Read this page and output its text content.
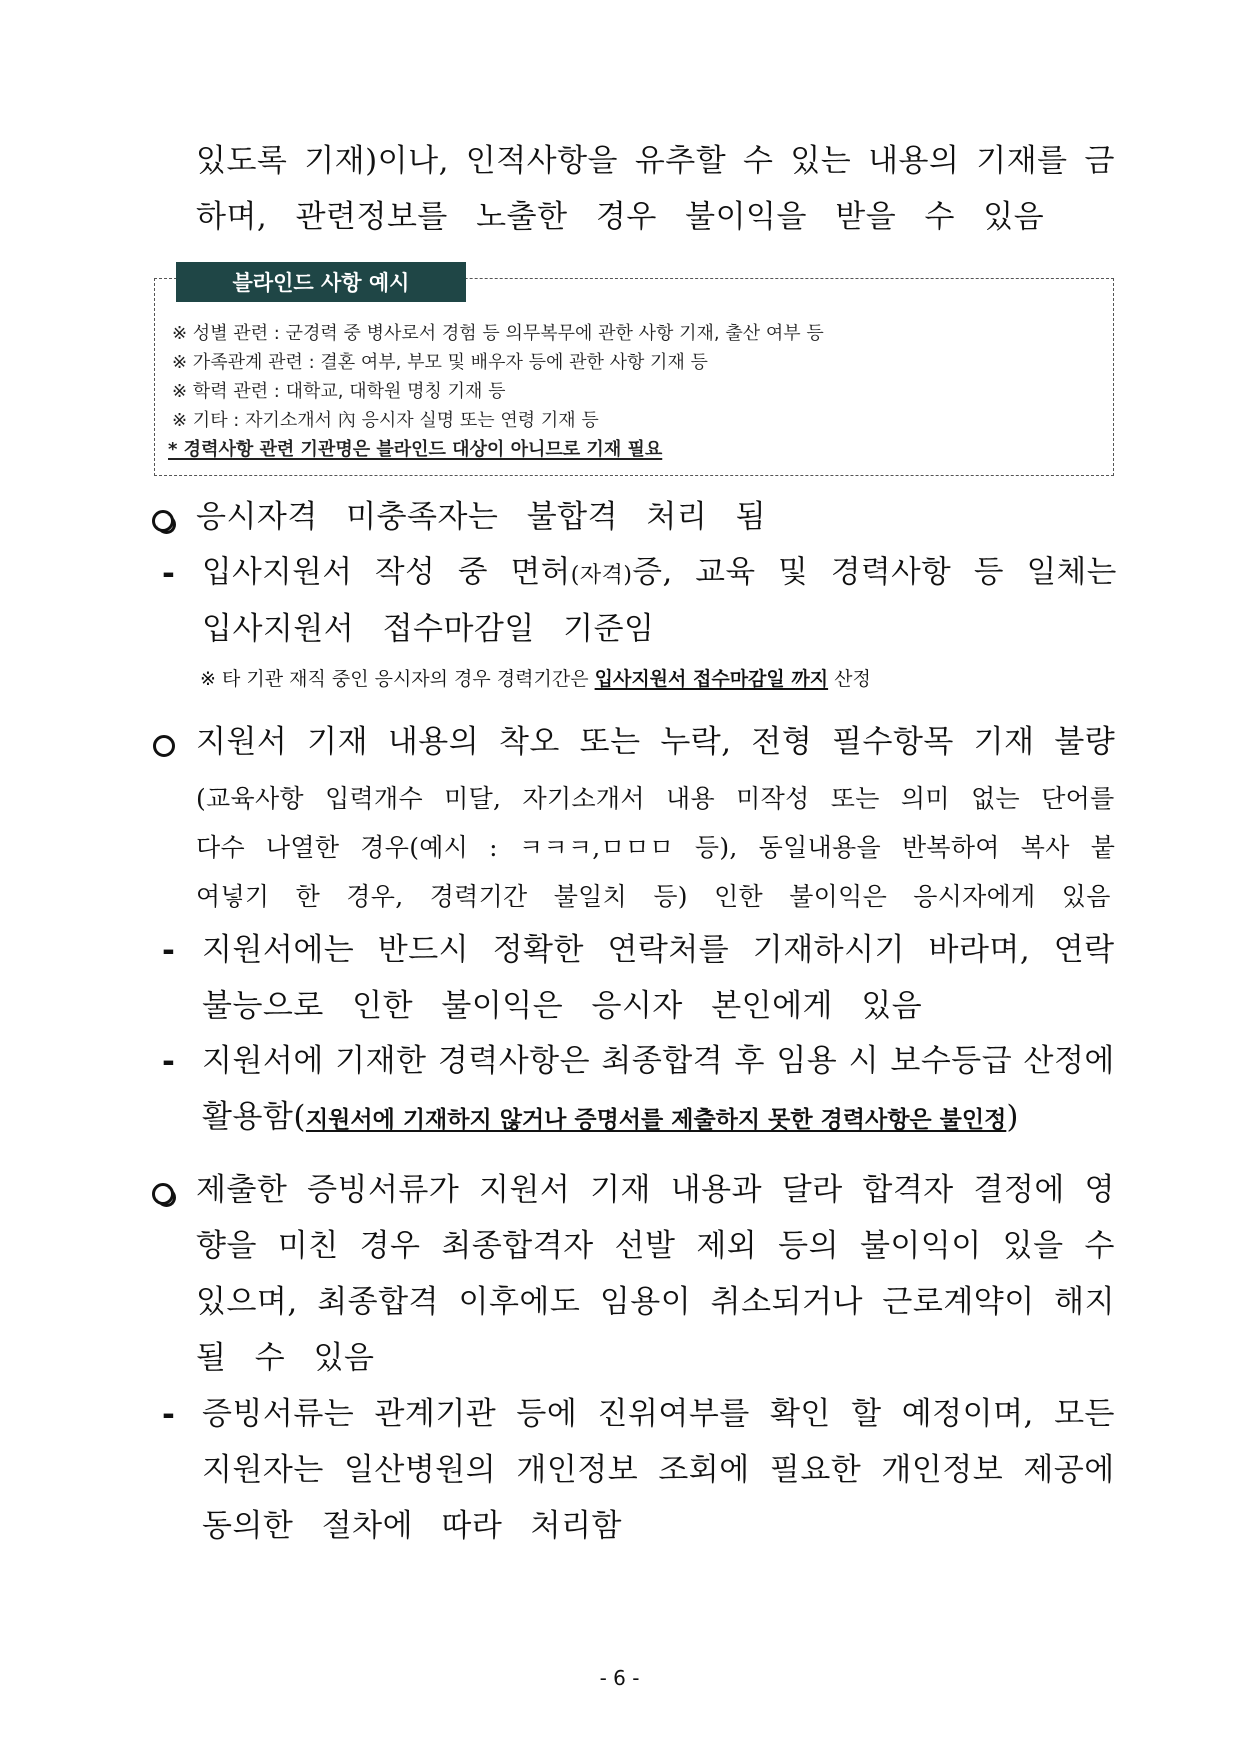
있도록 기재)이나, 인적사항을 유추할 수 있는 내용의 기재를 금
하며, 관련정보를 노출한 경우 불이익을 받을 수 있음
블라인드 사항 예시
※ 성별 관련 : 군경력 중 병사로서 경험 등 의무복무에 관한 사항 기재, 출산 여부 등
※ 가족관계 관련 : 결혼 여부, 부모 및 배우자 등에 관한 사항 기재 등
※ 학력 관련 : 대학교, 대학원 명칭 기재 등
※ 기타 : 자기소개서 內 응시자 실명 또는 연령 기재 등
* 경력사항 관련 기관명은 블라인드 대상이 아니므로 기재 필요
응시자격 미충족자는 불합격 처리 됨
- 입사지원서 작성 중 면허(자격)증, 교육 및 경력사항 등 일체는
입사지원서 접수마감일 기준임
※ 타 기관 재직 중인 응시자의 경우 경력기간은 입사지원서 접수마감일 까지 산정
지원서 기재 내용의 착오 또는 누락, 전형 필수항목 기재 불량
(교육사항 입력개수 미달, 자기소개서 내용 미작성 또는 의미 없는 단어를
다수 나열한 경우(예시 : ㅋㅋㅋ,ㅁㅁㅁ 등), 동일내용을 반복하여 복사 붙
여넣기 한 경우, 경력기간 불일치 등) 인한 불이익은 응시자에게 있음
- 지원서에는 반드시 정확한 연락처를 기재하시기 바라며, 연락
불능으로 인한 불이익은 응시자 본인에게 있음
- 지원서에 기재한 경력사항은 최종합격 후 임용 시 보수등급 산정에
활용함(지원서에 기재하지 않거나 증명서를 제출하지 못한 경력사항은 불인정)
제출한 증빙서류가 지원서 기재 내용과 달라 합격자 결정에 영
향을 미친 경우 최종합격자 선발 제외 등의 불이익이 있을 수
있으며, 최종합격 이후에도 임용이 취소되거나 근로계약이 해지
될 수 있음
- 증빙서류는 관계기관 등에 진위여부를 확인 할 예정이며, 모든
지원자는 일산병원의 개인정보 조회에 필요한 개인정보 제공에
동의한 절차에 따라 처리함
- 6 -
